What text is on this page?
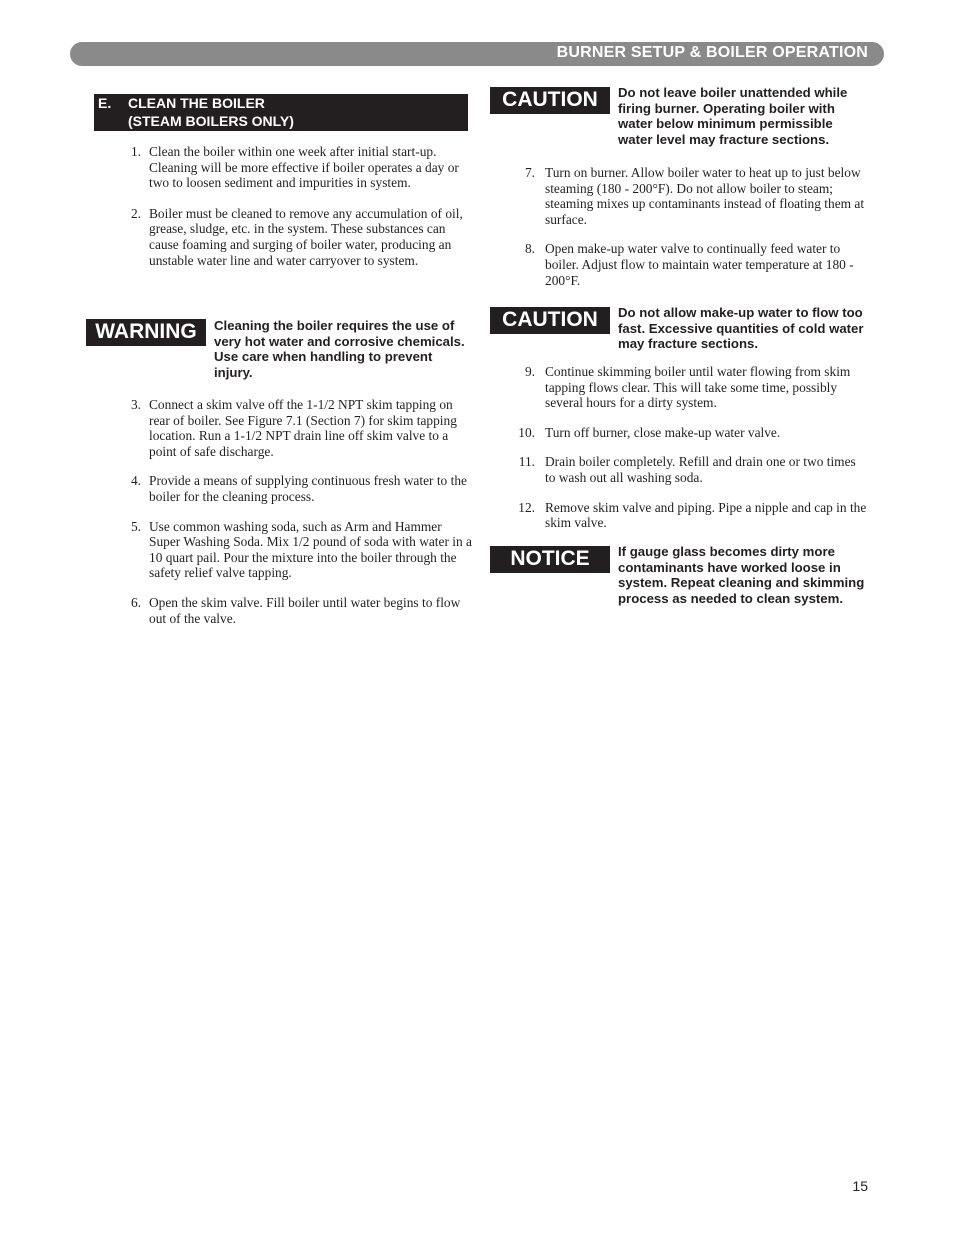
BURNER SETUP & BOILER OPERATION
E. CLEAN THE BOILER
(STEAM BOILERS ONLY)
1. Clean the boiler within one week after initial start-up. Cleaning will be more effective if boiler operates a day or two to loosen sediment and impurities in system.
2. Boiler must be cleaned to remove any accumulation of oil, grease, sludge, etc. in the system. These substances can cause foaming and surging of boiler water, producing an unstable water line and water carryover to system.
WARNING	Cleaning the boiler requires the use of very hot water and corrosive chemicals. Use care when handling to prevent injury.
3. Connect a skim valve off the 1-1/2 NPT skim tapping on rear of boiler. See Figure 7.1 (Section 7) for skim tapping location. Run a 1-1/2 NPT drain line off skim valve to a point of safe discharge.
4. Provide a means of supplying continuous fresh water to the boiler for the cleaning process.
5. Use common washing soda, such as Arm and Hammer Super Washing Soda. Mix 1/2 pound of soda with water in a 10 quart pail. Pour the mixture into the boiler through the safety relief valve tapping.
6. Open the skim valve. Fill boiler until water begins to flow out of the valve.
CAUTION	Do not leave boiler unattended while firing burner. Operating boiler with water below minimum permissible water level may fracture sections.
7. Turn on burner. Allow boiler water to heat up to just below steaming (180 - 200°F). Do not allow boiler to steam; steaming mixes up contaminants instead of floating them at surface.
8. Open make-up water valve to continually feed water to boiler. Adjust flow to maintain water temperature at 180 - 200°F.
CAUTION	Do not allow make-up water to flow too fast. Excessive quantities of cold water may fracture sections.
9. Continue skimming boiler until water flowing from skim tapping flows clear. This will take some time, possibly several hours for a dirty system.
10. Turn off burner, close make-up water valve.
11. Drain boiler completely. Refill and drain one or two times to wash out all washing soda.
12. Remove skim valve and piping. Pipe a nipple and cap in the skim valve.
NOTICE	If gauge glass becomes dirty more contaminants have worked loose in system. Repeat cleaning and skimming process as needed to clean system.
15
